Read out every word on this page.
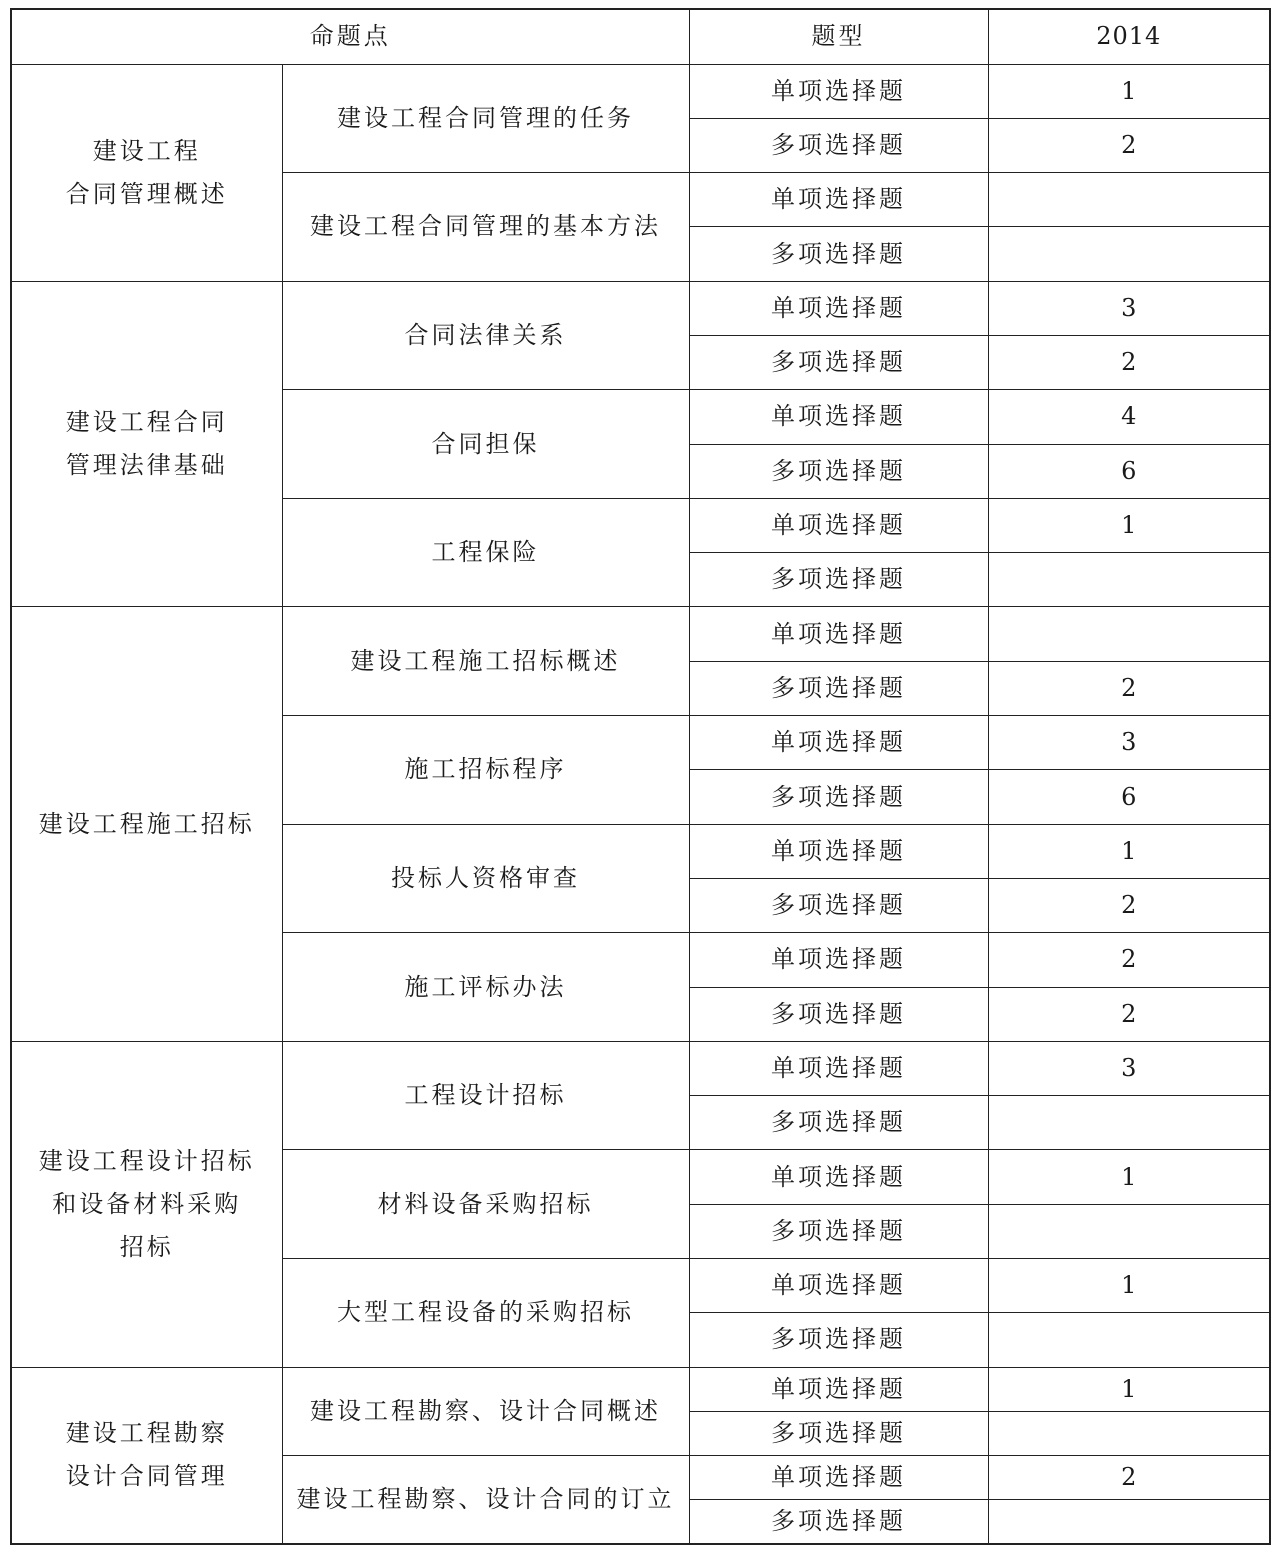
命题点		题型	2014
建设工程
合同管理概述	建设工程合同管理的任务	单项选择题	1
		多项选择题	2
	建设工程合同管理的基本方法	单项选择题	
		多项选择题	
建设工程合同
管理法律基础	合同法律关系	单项选择题	3
		多项选择题	2
	合同担保	单项选择题	4
		多项选择题	6
	工程保险	单项选择题	1
		多项选择题	
建设工程施工招标	建设工程施工招标概述	单项选择题	
		多项选择题	2
	施工招标程序	单项选择题	3
		多项选择题	6
	投标人资格审查	单项选择题	1
		多项选择题	2
	施工评标办法	单项选择题	2
		多项选择题	2
建设工程设计招标
和设备材料采购
招标	工程设计招标	单项选择题	3
		多项选择题	
	材料设备采购招标	单项选择题	1
		多项选择题	
	大型工程设备的采购招标	单项选择题	1
		多项选择题	
建设工程勘察
设计合同管理	建设工程勘察、设计合同概述	单项选择题	1
		多项选择题	
	建设工程勘察、设计合同的订立	单项选择题	2
		多项选择题	
